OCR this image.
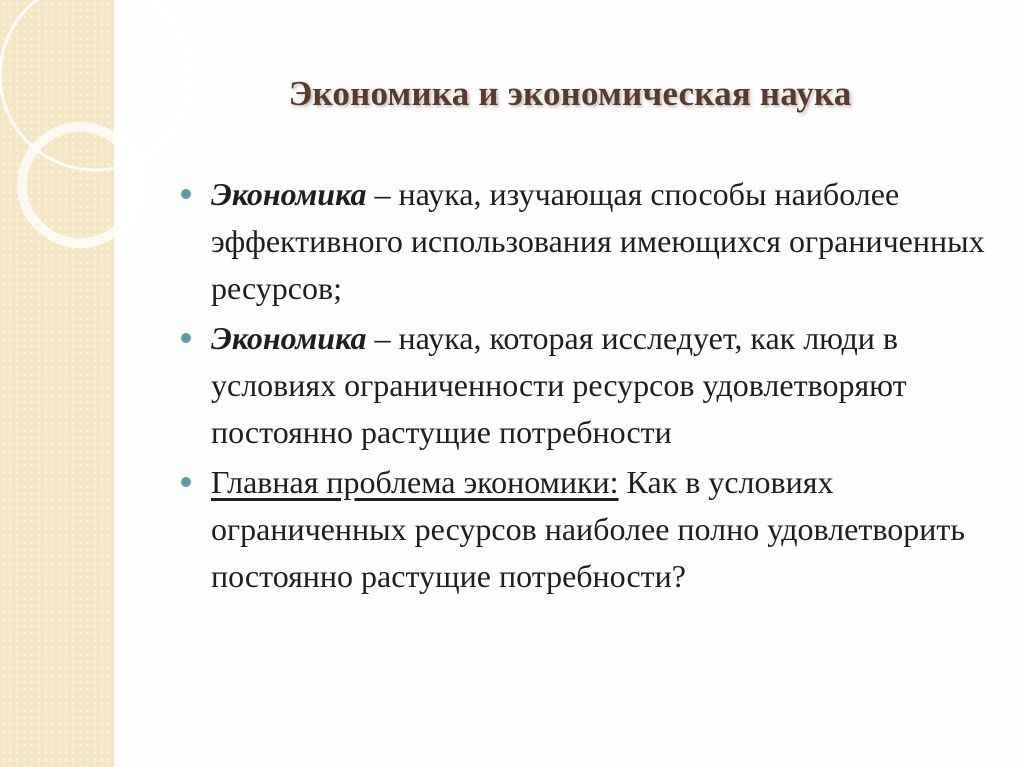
Экономика и экономическая наука
Экономика – наука, изучающая способы наиболее эффективного использования имеющихся ограниченных ресурсов;
Экономика – наука, которая исследует, как люди в условиях ограниченности ресурсов удовлетворяют постоянно растущие потребности
Главная проблема экономики: Как в условиях ограниченных ресурсов наиболее полно удовлетворить постоянно растущие потребности?
